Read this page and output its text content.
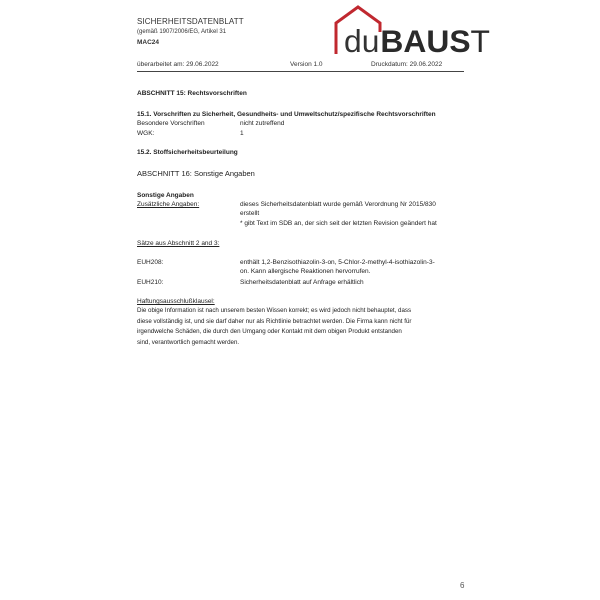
SICHERHEITSDATENBLATT
(gemäß 1907/2006/EG, Artikel 31
MAC24	du BAUS T
überarbeitet am: 29.06.2022	Version 1.0	Druckdatum: 29.06.2022
ABSCHNITT 15: Rechtsvorschriften
15.1. Vorschriften zu Sicherheit, Gesundheits- und Umweltschutz/spezifische Rechtsvorschriften
Besondere Vorschriften	nicht zutreffend
WGK:	1
15.2. Stoffsicherheitsbeurteilung
ABSCHNITT 16: Sonstige Angaben
Sonstige Angaben
Zusätzliche Angaben:	dieses Sicherheitsdatenblatt wurde gemäß Verordnung Nr 2015/830
erstellt
* gibt Text im SDB an, der sich seit der letzten Revision geändert hat
Sätze aus Abschnitt 2 and 3:
EUH208:	enthält 1,2-Benzisothiazolin-3-on, 5-Chlor-2-methyl-4-isothiazolin-3-
on. Kann allergische Reaktionen hervorrufen.
EUH210:	Sicherheitsdatenblatt auf Anfrage erhältlich
Haftungsausschlußklausel:
Die obige Information ist nach unserem besten Wissen korrekt; es wird jedoch nicht behauptet, dass
diese vollständig ist, und sie darf daher nur als Richtlinie betrachtet werden. Die Firma kann nicht für
irgendwelche Schäden, die durch den Umgang oder Kontakt mit dem obigen Produkt entstanden
sind, verantwortlich gemacht werden.
6
